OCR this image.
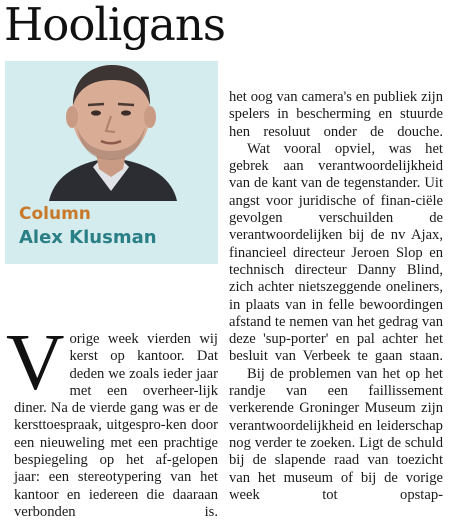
Hooligans
Column
Alex Klusman
V orige week vierden wij kerst op kantoor. Dat deden we zoals ieder jaar met een overheer-lijk diner. Na de vierde gang was er de kersttoespraak, uitgespro-ken door een nieuweling met een prachtige bespiegeling op het af-gelopen jaar: een stereotypering van het kantoor en iedereen die daaraan verbonden is.

het oog van camera's en publiek zijn spelers in bescherming en stuurde hen resoluut onder de douche.

Wat vooral opviel, was het gebrek aan verantwoordelijkheid van de kant van de tegenstander. Uit angst voor juridische of finan-ciële gevolgen verschuilden de verantwoordelijken bij de nv Ajax, financieel directeur Jeroen Slop en technisch directeur Danny Blind, zich achter nietszeggende oneliners, in plaats van in felle bewoordingen afstand te nemen van het gedrag van deze 'sup-porter' en pal achter het besluit van Verbeek te gaan staan.

Bij de problemen van het op het randje van een faillissement verkerende Groninger Museum zijn verantwoordelijkheid en leiderschap nog verder te zoeken. Ligt de schuld bij de slapende raad van toezicht van het museum of bij de vorige week tot opstap-
